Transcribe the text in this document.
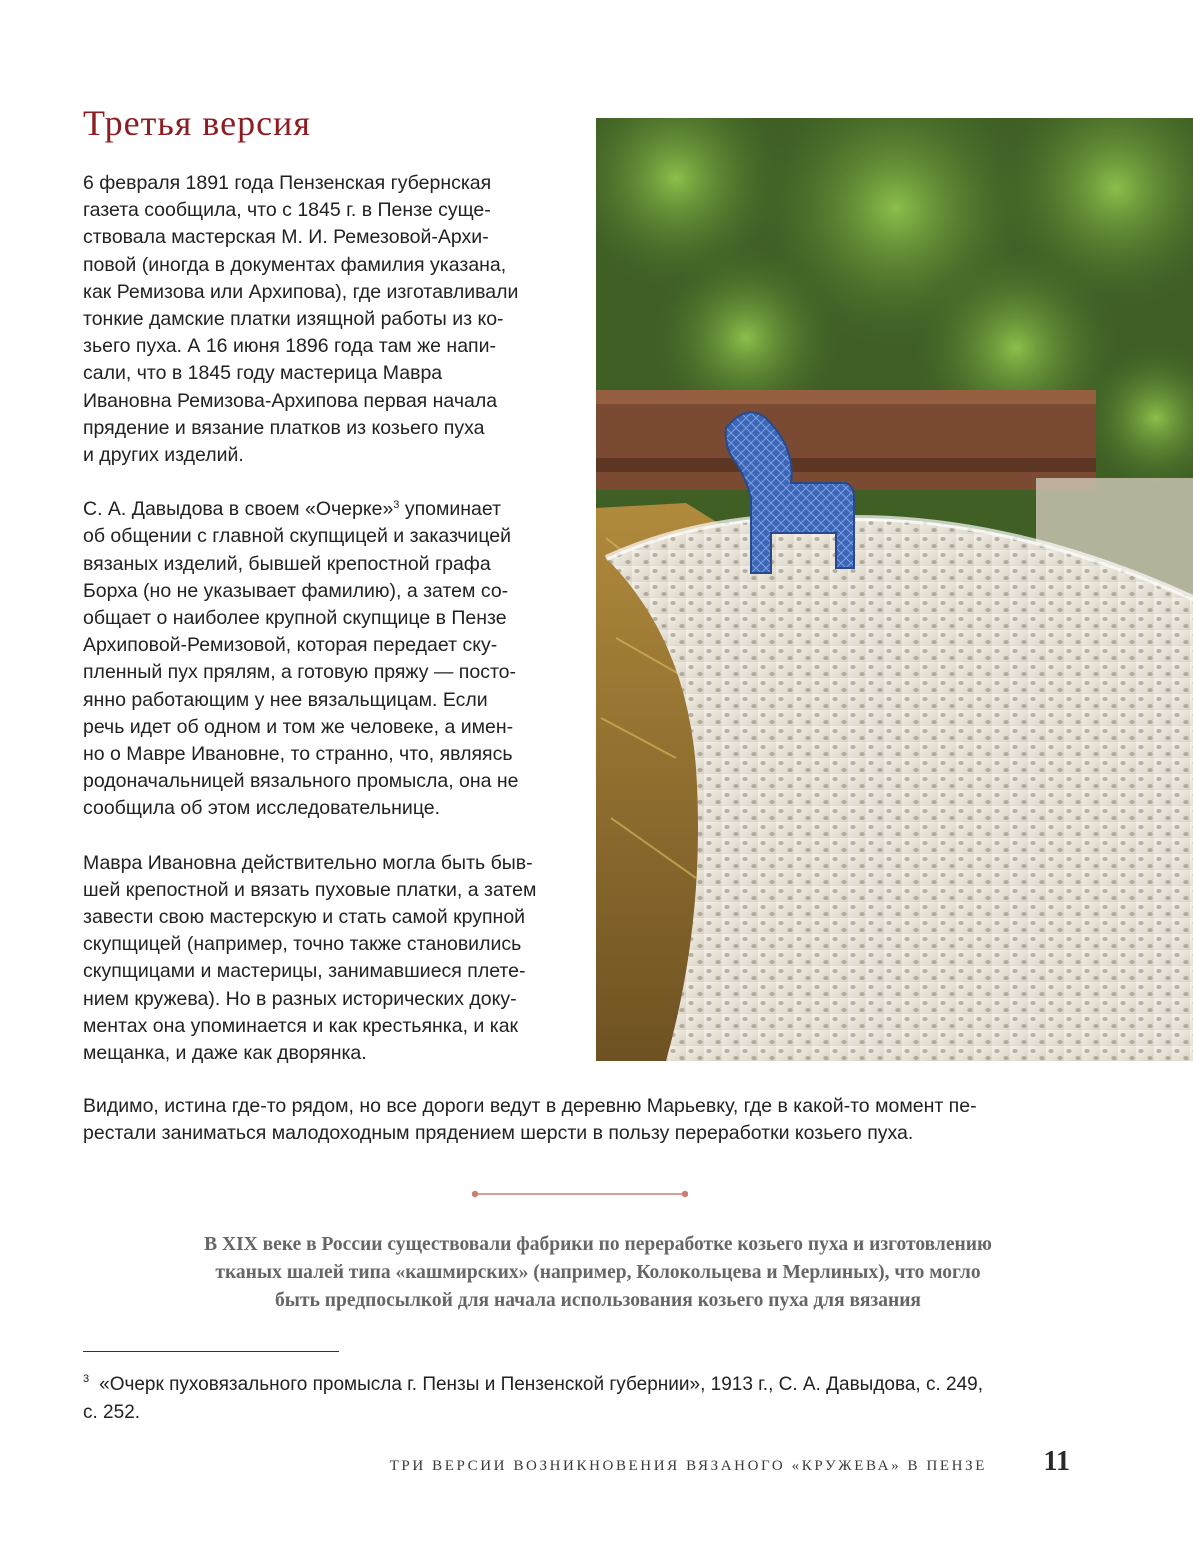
Третья версия

6 февраля 1891 года Пензенская губернская
газета сообщила, что с 1845 г. в Пензе суще-
ствовала мастерская М. И. Ремезовой-Архи-
повой (иногда в документах фамилия указана,
как Ремизова или Архипова), где изготавливали
тонкие дамские платки изящной работы из ко-
зьего пуха. А 16 июня 1896 года там же напи-
сали, что в 1845 году мастерица Мавра
Ивановна Ремизова-Архипова первая начала
прядение и вязание платков из козьего пуха
и других изделий.

С. А. Давыдова в своем «Очерке»$^3$ упоминает
об общении с главной скупщицей и заказчицей
вязаных изделий, бывшей крепостной графа
Борха (но не указывает фамилию), а затем со-
общает о наиболее крупной скупщице в Пензе
Архиповой-Ремизовой, которая передает ску-
пленный пух прялям, а готовую пряжу — посто-
янно работающим у нее вязальщицам. Если
речь идет об одном и том же человеке, а имен-
но о Мавре Ивановне, то странно, что, являясь
родоначальницей вязального промысла, она не
сообщила об этом исследовательнице.

Мавра Ивановна действительно могла быть быв-
шей крепостной и вязать пуховые платки, а затем
завести свою мастерскую и стать самой крупной
скупщицей (например, точно также становились
скупщицами и мастерицы, занимавшиеся плете-
нием кружева). Но в разных исторических доку-
ментах она упоминается и как крестьянка, и как
мещанка, и даже как дворянка.

Видимо, истина где-то рядом, но все дороги ведут в деревню Марьевку, где в какой-то момент пе-
рестали заниматься малодоходным прядением шерсти в пользу переработки козьего пуха.

В XIX веке в России существовали фабрики по переработке козьего пуха и изготовлению
тканых шалей типа «кашмирских» (например, Колокольцева и Мерлиных), что могло
быть предпосылкой для начала использования козьего пуха для вязания

$^3$ «Очерк пуховязального промысла г. Пензы и Пензенской губернии», 1913 г., С. А. Давыдова, с. 249,
с. 252.
ТРИ ВЕРСИИ ВОЗНИКНОВЕНИЯ ВЯЗАНОГО «КРУЖЕВА» В ПЕНЗЕ 11
